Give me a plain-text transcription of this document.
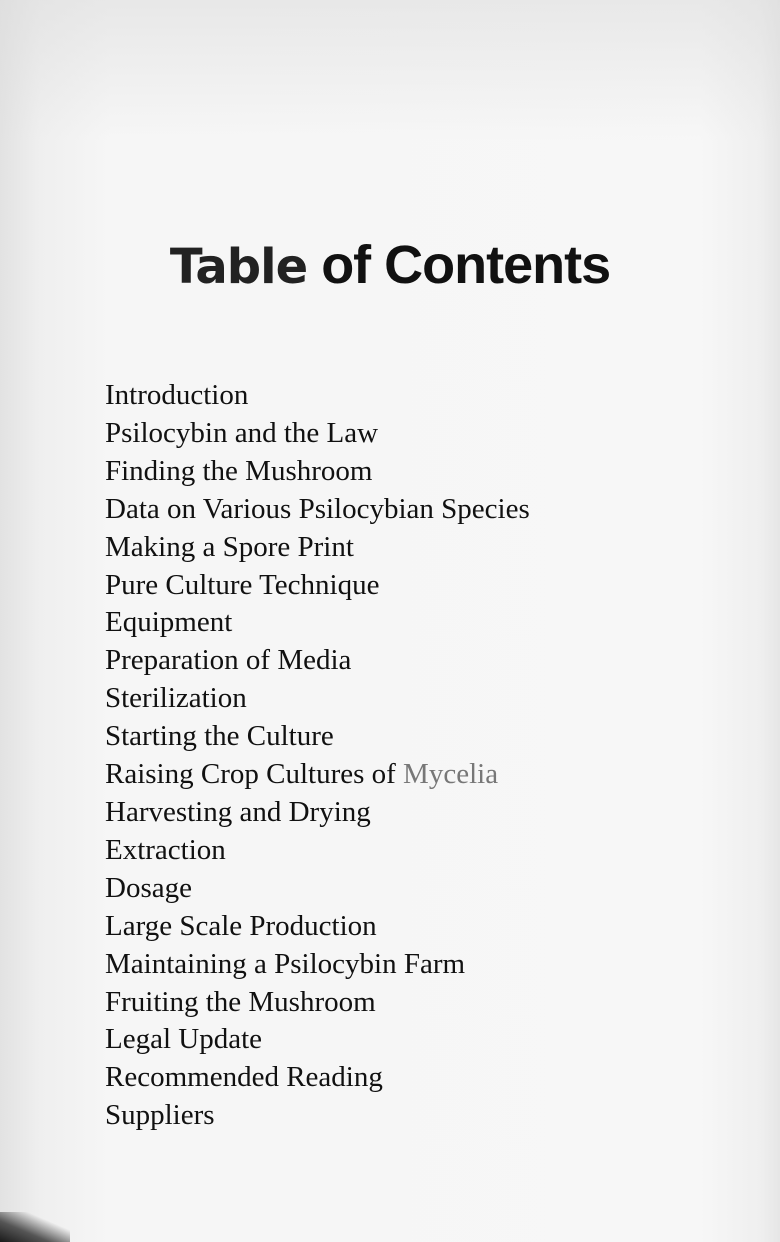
Table of Contents
Introduction
Psilocybin and the Law
Finding the Mushroom
Data on Various Psilocybian Species
Making a Spore Print
Pure Culture Technique
Equipment
Preparation of Media
Sterilization
Starting the Culture
Raising Crop Cultures of Mycelia
Harvesting and Drying
Extraction
Dosage
Large Scale Production
Maintaining a Psilocybin Farm
Fruiting the Mushroom
Legal Update
Recommended Reading
Suppliers
